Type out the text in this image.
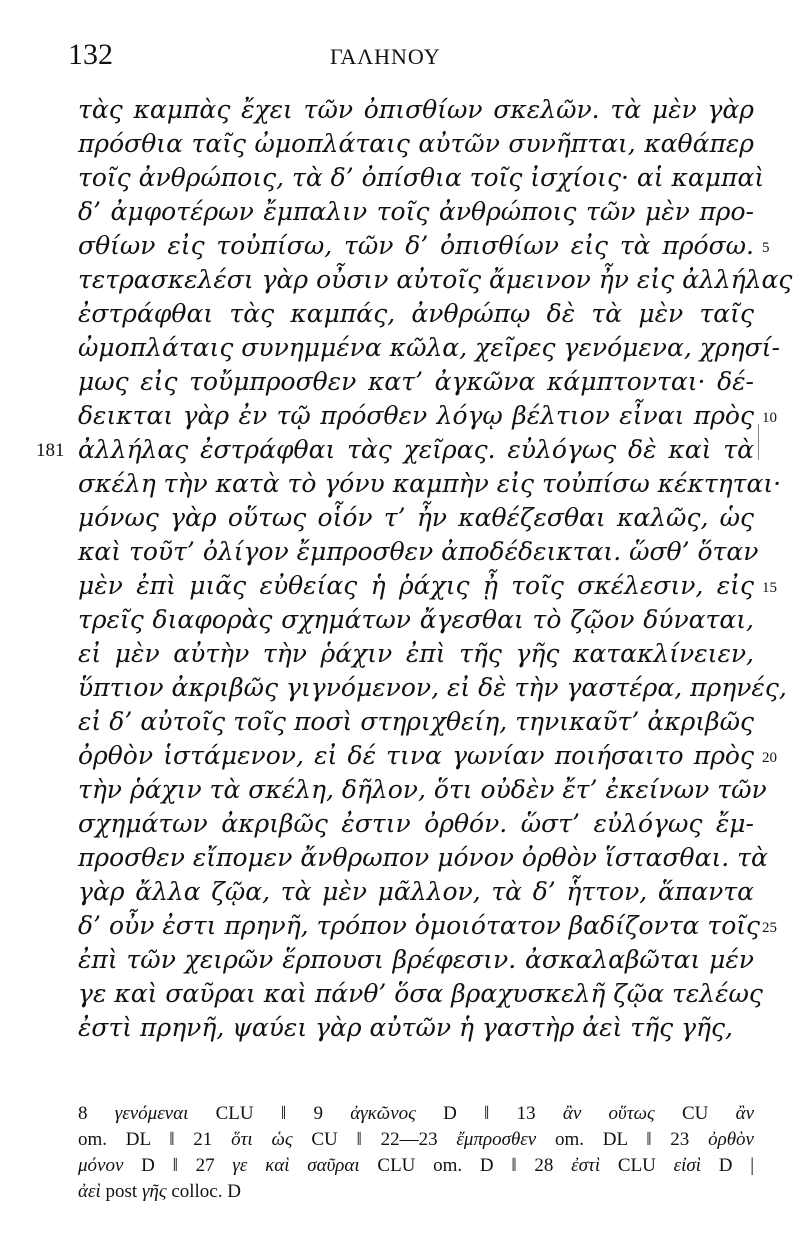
132	ΓΑΛΗΝΟΥ
τὰς καμπὰς ἔχει τῶν ὀπισθίων σκελῶν. τὰ μὲν γὰρ
πρόσθια ταῖς ὠμοπλάταις αὐτῶν συνῆπται, καθάπερ
τοῖς ἀνθρώποις, τὰ δ’ ὀπίσθια τοῖς ἰσχίοις· αἱ καμπαὶ
δ’ ἀμφοτέρων ἔμπαλιν τοῖς ἀνθρώποις τῶν μὲν προ-
σθίων εἰς τοὐπίσω, τῶν δ’ ὀπισθίων εἰς τὰ πρόσω.
τετρασκελέσι γὰρ οὖσιν αὐτοῖς ἄμεινον ἦν εἰς ἀλλήλας
ἐστράφθαι τὰς καμπάς, ἀνθρώπῳ δὲ τὰ μὲν ταῖς
ὠμοπλάταις συνημμένα κῶλα, χεῖρες γενόμενα, χρησί-
μως εἰς τοὔμπροσθεν κατ’ ἀγκῶνα κάμπτονται· δέ-
δεικται γὰρ ἐν τῷ πρόσθεν λόγῳ βέλτιον εἶναι πρὸς
ἀλλήλας ἐστράφθαι τὰς χεῖρας. εὐλόγως δὲ καὶ τὰ
σκέλη τὴν κατὰ τὸ γόνυ καμπὴν εἰς τοὐπίσω κέκτηται·
μόνως γὰρ οὕτως οἷόν τ’ ἦν καθέζεσθαι καλῶς, ὡς
καὶ τοῦτ’ ὀλίγον ἔμπροσθεν ἀποδέδεικται. ὥσθ’ ὅταν
μὲν ἐπὶ μιᾶς εὐθείας ἡ ῥάχις ᾖ τοῖς σκέλεσιν, εἰς
τρεῖς διαφορὰς σχημάτων ἄγεσθαι τὸ ζῷον δύναται,
εἰ μὲν αὐτὴν τὴν ῥάχιν ἐπὶ τῆς γῆς κατακλίνειεν,
ὕπτιον ἀκριβῶς γιγνόμενον, εἰ δὲ τὴν γαστέρα, πρηνές,
εἰ δ’ αὐτοῖς τοῖς ποσὶ στηριχθείη, τηνικαῦτ’ ἀκριβῶς
ὀρθὸν ἱστάμενον, εἰ δέ τινα γωνίαν ποιήσαιτο πρὸς
τὴν ῥάχιν τὰ σκέλη, δῆλον, ὅτι οὐδὲν ἔτ’ ἐκείνων τῶν
σχημάτων ἀκριβῶς ἐστιν ὀρθόν. ὥστ’ εὐλόγως ἔμ-
προσθεν εἴπομεν ἄνθρωπον μόνον ὀρθὸν ἵστασθαι. τὰ
γὰρ ἄλλα ζῷα, τὰ μὲν μᾶλλον, τὰ δ’ ἧττον, ἅπαντα
δ’ οὖν ἐστι πρηνῆ, τρόπον ὁμοιότατον βαδίζοντα τοῖς
ἐπὶ τῶν χειρῶν ἕρπουσι βρέφεσιν. ἀσκαλαβῶται μέν
γε καὶ σαῦραι καὶ πάνθ’ ὅσα βραχυσκελῆ ζῷα τελέως
ἐστὶ πρηνῆ, ψαύει γὰρ αὐτῶν ἡ γαστὴρ ἀεὶ τῆς γῆς,
5
10
15
20
25
181
8 γενόμεναι CLU ‖ 9 ἀγκῶνος D ‖ 13 ἂν οὕτως CU ἂν
om. DL ‖ 21 ὅτι ὡς CU ‖ 22—23 ἔμπροσθεν om. DL ‖ 23 ὀρθὸν
μόνον D ‖ 27 γε καὶ σαῦραι CLU om. D ‖ 28 ἐστὶ CLU εἰσὶ D |
ἀεὶ post γῆς colloc. D
